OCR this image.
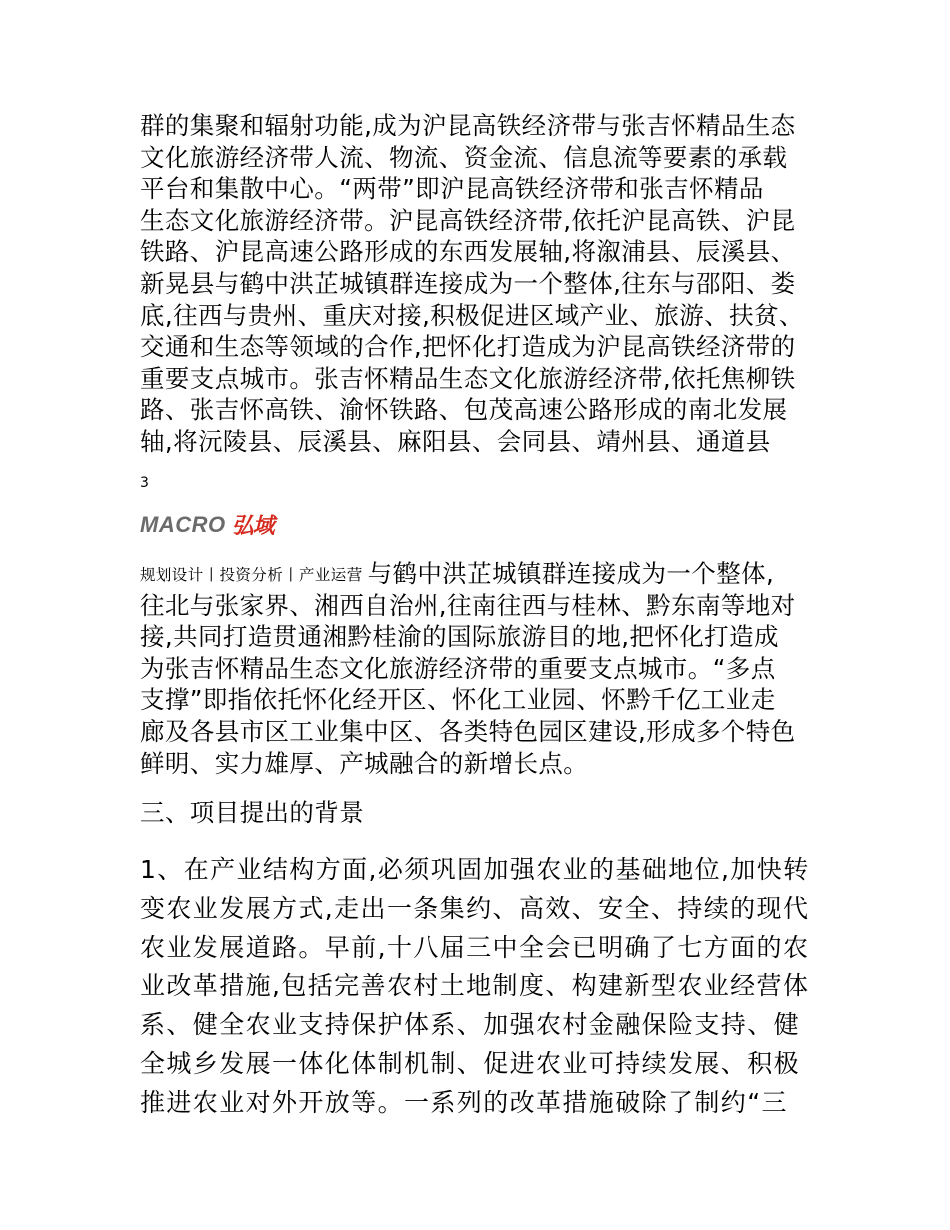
群的集聚和辐射功能,成为沪昆高铁经济带与张吉怀精品生态
文化旅游经济带人流、物流、资金流、信息流等要素的承载
平台和集散中心。“两带”即沪昆高铁经济带和张吉怀精品
生态文化旅游经济带。沪昆高铁经济带,依托沪昆高铁、沪昆
铁路、沪昆高速公路形成的东西发展轴,将溆浦县、辰溪县、
新晃县与鹤中洪芷城镇群连接成为一个整体,往东与邵阳、娄
底,往西与贵州、重庆对接,积极促进区域产业、旅游、扶贫、
交通和生态等领域的合作,把怀化打造成为沪昆高铁经济带的
重要支点城市。张吉怀精品生态文化旅游经济带,依托焦柳铁
路、张吉怀高铁、渝怀铁路、包茂高速公路形成的南北发展
轴,将沅陵县、辰溪县、麻阳县、会同县、靖州县、通道县
3
MACRO 弘域
规划设计丨投资分析丨产业运营 与鹤中洪芷城镇群连接成为一个整体,
往北与张家界、湘西自治州,往南往西与桂林、黔东南等地对
接,共同打造贯通湘黔桂渝的国际旅游目的地,把怀化打造成
为张吉怀精品生态文化旅游经济带的重要支点城市。“多点
支撑”即指依托怀化经开区、怀化工业园、怀黔千亿工业走
廊及各县市区工业集中区、各类特色园区建设,形成多个特色
鲜明、实力雄厚、产城融合的新增长点。
三、项目提出的背景
1、在产业结构方面,必须巩固加强农业的基础地位,加快转
变农业发展方式,走出一条集约、高效、安全、持续的现代
农业发展道路。早前,十八届三中全会已明确了七方面的农
业改革措施,包括完善农村土地制度、构建新型农业经营体
系、健全农业支持保护体系、加强农村金融保险支持、健
全城乡发展一体化体制机制、促进农业可持续发展、积极
推进农业对外开放等。一系列的改革措施破除了制约“三
